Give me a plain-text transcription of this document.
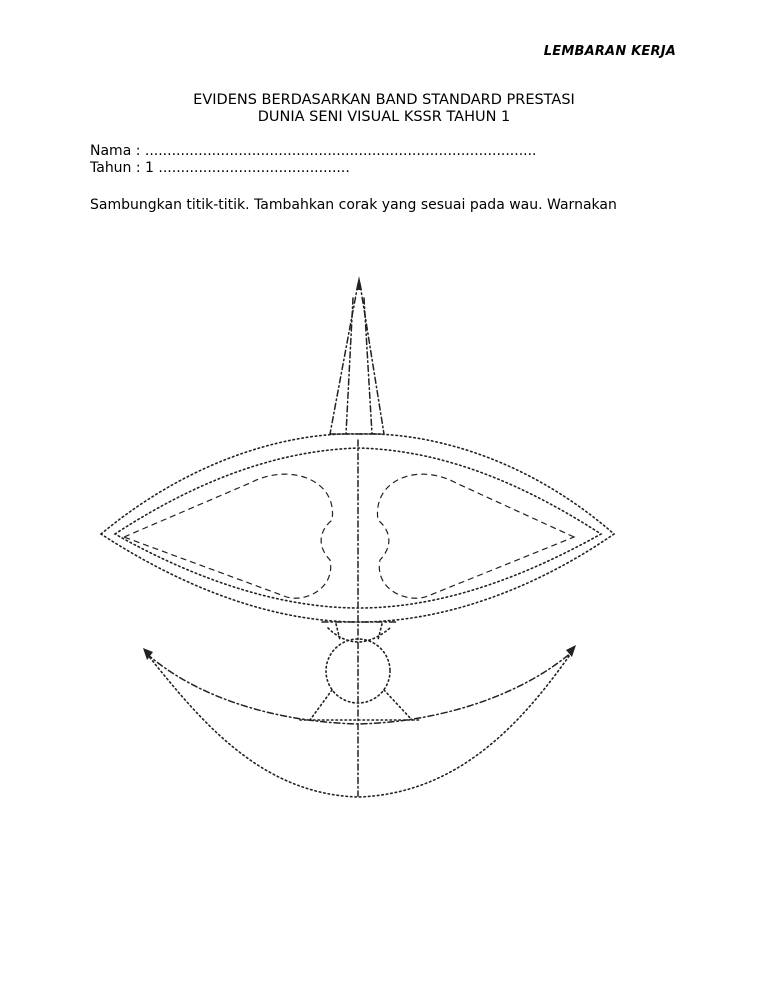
LEMBARAN KERJA
EVIDENS BERDASARKAN BAND STANDARD PRESTASI
DUNIA SENI VISUAL KSSR TAHUN 1
Nama : ........................................................................................
Tahun : 1 ...........................................
Sambungkan titik-titik. Tambahkan corak yang sesuai pada wau. Warnakan
